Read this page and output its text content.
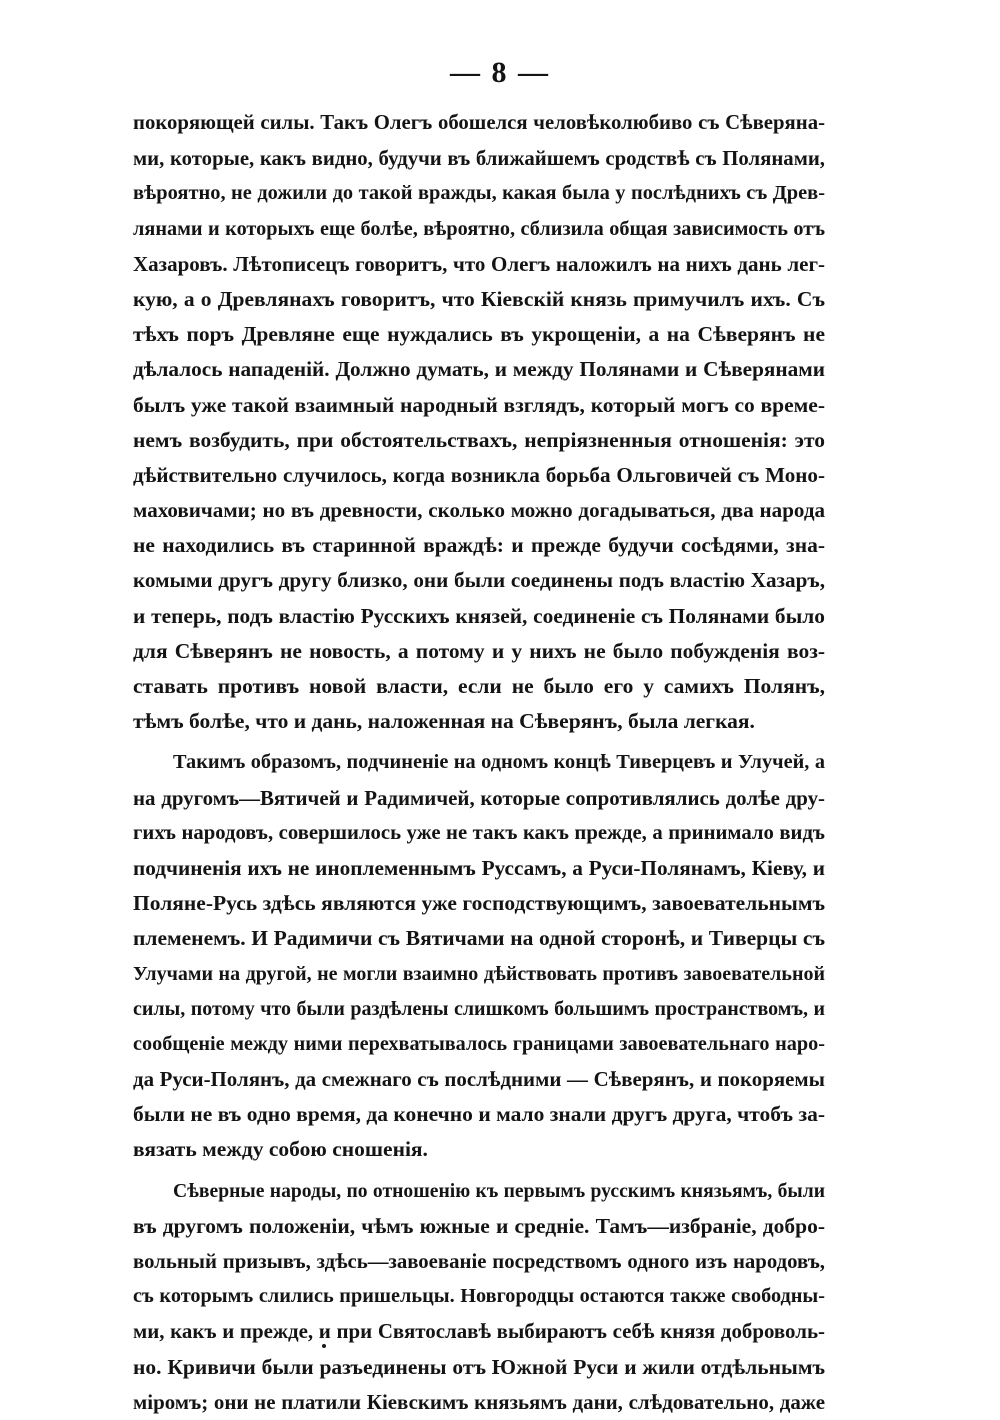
— 8 —
покоряющей силы. Такъ Олегъ обошелся человѣколюбиво съ Сѣверяна-
ми, которые, какъ видно, будучи въ ближайшемъ сродствѣ съ Полянами,
вѣроятно, не дожили до такой вражды, какая была у послѣднихъ съ Древ-
лянами и которыхъ еще болѣе, вѣроятно, сблизила общая зависимость отъ
Хазаровъ. Лѣтописецъ говоритъ, что Олегъ наложилъ на нихъ дань лег-
кую, а о Древлянахъ говоритъ, что Кіевскій князь примучилъ ихъ. Съ
тѣхъ поръ Древляне еще нуждались въ укрощеніи, а на Сѣверянъ не
дѣлалось нападеній. Должно думать, и между Полянами и Сѣверянами
былъ уже такой взаимный народный взглядъ, который могъ со време-
немъ возбудить, при обстоятельствахъ, непріязненныя отношенія: это
дѣйствительно случилось, когда возникла борьба Ольговичей съ Моно-
маховичами; но въ древности, сколько можно догадываться, два народа
не находились въ старинной враждѣ: и прежде будучи сосѣдями, зна-
комыми другъ другу близко, они были соединены подъ властію Хазаръ,
и теперь, подъ властію Русскихъ князей, соединеніе съ Полянами было
для Сѣверянъ не новость, а потому и у нихъ не было побужденія воз-
ставать противъ новой власти, если не было его у самихъ Полянъ,
тѣмъ болѣе, что и дань, наложенная на Сѣверянъ, была легкая.
Такимъ образомъ, подчиненіе на одномъ концѣ Тиверцевъ и Улучей, а
на другомъ—Вятичей и Радимичей, которые сопротивлялись долѣе дру-
гихъ народовъ, совершилось уже не такъ какъ прежде, а принимало видъ
подчиненія ихъ не иноплеменнымъ Руссамъ, а Руси-Полянамъ, Кіеву, и
Поляне-Русь здѣсь являются уже господствующимъ, завоевательнымъ
племенемъ. И Радимичи съ Вятичами на одной сторонѣ, и Тиверцы съ
Улучами на другой, не могли взаимно дѣйствовать противъ завоевательной
силы, потому что были раздѣлены слишкомъ большимъ пространствомъ, и
сообщеніе между ними перехватывалось границами завоевательнаго наро-
да Руси-Полянъ, да смежнаго съ послѣдними — Сѣверянъ, и покоряемы
были не въ одно время, да конечно и мало знали другъ друга, чтобъ за-
вязать между собою сношенія.
Сѣверные народы, по отношенію къ первымъ русскимъ князьямъ, были
въ другомъ положеніи, чѣмъ южные и средніе. Тамъ—избраніе, добро-
вольный призывъ, здѣсь—завоеваніе посредствомъ одного изъ народовъ,
съ которымъ слились пришельцы. Новгородцы остаются также свободны-
ми, какъ и прежде, и при Святославѣ выбираютъ себѣ князя доброволь-
но. Кривичи были разъединены отъ Южной Руси и жили отдѣльнымъ
міромъ; они не платили Кіевскимъ князьямъ дани, слѣдовательно, даже
